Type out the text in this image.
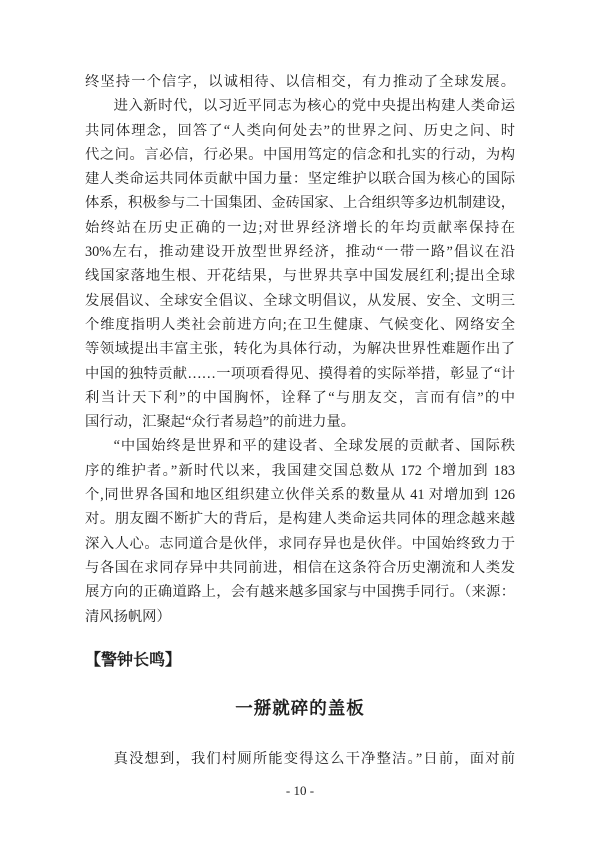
终坚持一个信字，以诚相待、以信相交，有力推动了全球发展。
进入新时代，以习近平同志为核心的党中央提出构建人类命运
共同体理念，回答了“人类向何处去”的世界之问、历史之问、时
代之问。言必信，行必果。中国用笃定的信念和扎实的行动，为构
建人类命运共同体贡献中国力量：坚定维护以联合国为核心的国际
体系，积极参与二十国集团、金砖国家、上合组织等多边机制建设，
始终站在历史正确的一边;对世界经济增长的年均贡献率保持在
30%左右，推动建设开放型世界经济，推动“一带一路”倡议在沿
线国家落地生根、开花结果，与世界共享中国发展红利;提出全球
发展倡议、全球安全倡议、全球文明倡议，从发展、安全、文明三
个维度指明人类社会前进方向;在卫生健康、气候变化、网络安全
等领域提出丰富主张，转化为具体行动，为解决世界性难题作出了
中国的独特贡献……一项项看得见、摸得着的实际举措，彰显了“计
利当计天下利”的中国胸怀，诠释了“与朋友交，言而有信”的中
国行动，汇聚起“众行者易趋”的前进力量。
“中国始终是世界和平的建设者、全球发展的贡献者、国际秩
序的维护者。”新时代以来，我国建交国总数从 172 个增加到 183
个,同世界各国和地区组织建立伙伴关系的数量从 41 对增加到 126
对。朋友圈不断扩大的背后，是构建人类命运共同体的理念越来越
深入人心。志同道合是伙伴，求同存异也是伙伴。中国始终致力于
与各国在求同存异中共同前进，相信在这条符合历史潮流和人类发
展方向的正确道路上，会有越来越多国家与中国携手同行。（来源：
清风扬帆网）
【警钟长鸣】
一掰就碎的盖板
真没想到，我们村厕所能变得这么干净整洁。”日前，面对前
- 10 -
